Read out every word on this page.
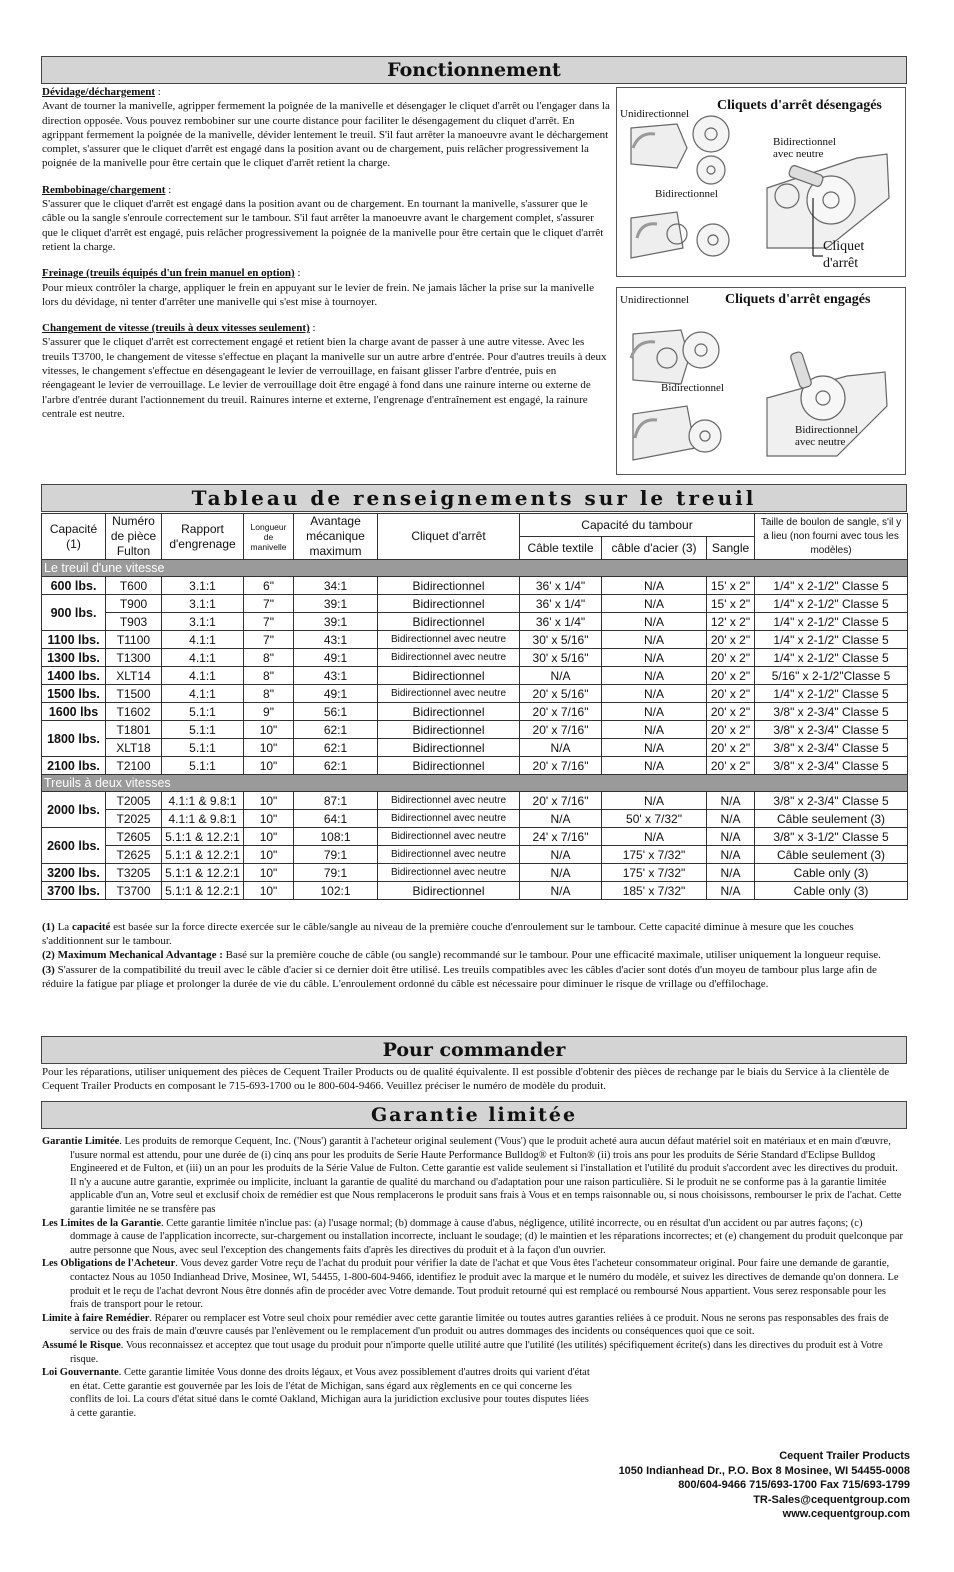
Fonctionnement

Dévidage/déchargement :
Avant de tourner la manivelle, agripper fermement la poignée de la manivelle et désengager le cliquet d'arrêt ou l'engager dans la direction opposée. Vous pouvez rembobiner sur une courte distance pour faciliter le désengagement du cliquet d'arrêt. En agrippant fermement la poignée de la manivelle, dévider lentement le treuil. S'il faut arrêter la manoeuvre avant le déchargement complet, s'assurer que le cliquet d'arrêt est engagé dans la position avant ou de chargement, puis relâcher progressivement la poignée de la manivelle pour être certain que le cliquet d'arrêt retient la charge.

Rembobinage/chargement :
S'assurer que le cliquet d'arrêt est engagé dans la position avant ou de chargement. En tournant la manivelle, s'assurer que le câble ou la sangle s'enroule correctement sur le tambour. S'il faut arrêter la manoeuvre avant le chargement complet, s'assurer que le cliquet d'arrêt est engagé, puis relâcher progressivement la poignée de la manivelle pour être certain que le cliquet d'arrêt retient la charge.

Freinage (treuils équipés d'un frein manuel en option) :
Pour mieux contrôler la charge, appliquer le frein en appuyant sur le levier de frein. Ne jamais lâcher la prise sur la manivelle lors du dévidage, ni tenter d'arrêter une manivelle qui s'est mise à tournoyer.

Changement de vitesse (treuils à deux vitesses seulement) :
S'assurer que le cliquet d'arrêt est correctement engagé et retient bien la charge avant de passer à une autre vitesse. Avec les treuils T3700, le changement de vitesse s'effectue en plaçant la manivelle sur un autre arbre d'entrée. Pour d'autres treuils à deux vitesses, le changement s'effectue en désengageant le levier de verrouillage, en faisant glisser l'arbre d'entrée, puis en réengageant le levier de verrouillage. Le levier de verrouillage doit être engagé à fond dans une rainure interne ou externe de l'arbre d'entrée durant l'actionnement du treuil. Rainures interne et externe, l'engrenage d'entraînement est engagé, la rainure centrale est neutre.

Unidirectionnel
Cliquets d'arrêt désengagés
Bidirectionnel
avec neutre
Bidirectionnel
Cliquet
d'arrêt
Unidirectionnel	Cliquets d'arrêt engagés
Bidirectionnel
Bidirectionnel
avec neutre
Tableau de renseignements sur le treuil
Capacité (1)	Numéro de pièce Fulton	Rapport d'engrenage	Longueur de manivelle	Avantage mécanique maximum	Cliquet d'arrêt	Capacité du tambour			Taille de boulon de sangle, s'il y a lieu (non fourni avec tous les modèles)
						Câble textile	câble d'acier (3)	Sangle	
Le treuil d'une vitesse									
600 lbs.	T600	3.1:1	6"	34:1	Bidirectionnel	36' x 1/4"	N/A	15' x 2"	1/4" x 2-1/2" Classe 5
900 lbs.	T900	3.1:1	7"	39:1	Bidirectionnel	36' x 1/4"	N/A	15' x 2"	1/4" x 2-1/2" Classe 5
	T903	3.1:1	7"	39:1	Bidirectionnel	36' x 1/4"	N/A	12' x 2"	1/4" x 2-1/2" Classe 5
1100 lbs.	T1100	4.1:1	7"	43:1	Bidirectionnel avec neutre	30' x 5/16"	N/A	20' x 2"	1/4" x 2-1/2" Classe 5
1300 lbs.	T1300	4.1:1	8"	49:1	Bidirectionnel avec neutre	30' x 5/16"	N/A	20' x 2"	1/4" x 2-1/2" Classe 5
1400 lbs.	XLT14	4.1:1	8"	43:1	Bidirectionnel	N/A	N/A	20' x 2"	5/16" x 2-1/2"Classe 5
1500 lbs.	T1500	4.1:1	8"	49:1	Bidirectionnel avec neutre	20' x 5/16"	N/A	20' x 2"	1/4" x 2-1/2" Classe 5
1600 lbs	T1602	5.1:1	9"	56:1	Bidirectionnel	20' x 7/16"	N/A	20' x 2"	3/8" x 2-3/4" Classe 5
1800 lbs.	T1801	5.1:1	10"	62:1	Bidirectionnel	20' x 7/16"	N/A	20' x 2"	3/8" x 2-3/4" Classe 5
	XLT18	5.1:1	10"	62:1	Bidirectionnel	N/A	N/A	20' x 2"	3/8" x 2-3/4" Classe 5
2100 lbs.	T2100	5.1:1	10"	62:1	Bidirectionnel	20' x 7/16"	N/A	20' x 2"	3/8" x 2-3/4" Classe 5
Treuils à deux vitesses									
2000 lbs.	T2005	4.1:1 & 9.8:1	10"	87:1	Bidirectionnel avec neutre	20' x 7/16"	N/A	N/A	3/8" x 2-3/4" Classe 5
	T2025	4.1:1 & 9.8:1	10"	64:1	Bidirectionnel avec neutre	N/A	50' x 7/32"	N/A	Câble seulement (3)
2600 lbs.	T2605	5.1:1 & 12.2:1	10"	108:1	Bidirectionnel avec neutre	24' x 7/16"	N/A	N/A	3/8" x 3-1/2" Classe 5
	T2625	5.1:1 & 12.2:1	10"	79:1	Bidirectionnel avec neutre	N/A	175' x 7/32"	N/A	Câble seulement (3)
3200 lbs.	T3205	5.1:1 & 12.2:1	10"	79:1	Bidirectionnel avec neutre	N/A	175' x 7/32"	N/A	Cable only (3)
3700 lbs.	T3700	5.1:1 & 12.2:1	10"	102:1	Bidirectionnel	N/A	185' x 7/32"	N/A	Cable only (3)

(1) La capacité est basée sur la force directe exercée sur le câble/sangle au niveau de la première couche d'enroulement sur le tambour. Cette capacité diminue à mesure que les couches s'additionnent sur le tambour.

(2) Maximum Mechanical Advantage : Basé sur la première couche de câble (ou sangle) recommandé sur le tambour. Pour une efficacité maximale, utiliser uniquement la longueur requise.

(3) S'assurer de la compatibilité du treuil avec le câble d'acier si ce dernier doit être utilisé. Les treuils compatibles avec les câbles d'acier sont dotés d'un moyeu de tambour plus large afin de réduire la fatigue par pliage et prolonger la durée de vie du câble. L'enroulement ordonné du câble est nécessaire pour diminuer le risque de vrillage ou d'effilochage.

Pour commander
Pour les réparations, utiliser uniquement des pièces de Cequent Trailer Products ou de qualité équivalente. Il est possible d'obtenir des pièces de rechange par le biais du Service à la clientèle de Cequent Trailer Products en composant le 715-693-1700 ou le 800-604-9466. Veuillez préciser le numéro de modèle du produit.
Garantie limitée

Garantie Limitée. Les produits de remorque Cequent, Inc. ('Nous') garantit à l'acheteur original seulement ('Vous') que le produit acheté aura aucun défaut matériel soit en matériaux et en main d'œuvre, l'usure normal est attendu, pour une durée de (i) cinq ans pour les produits de Serie Haute Performance Bulldog® et Fulton® (ii) trois ans pour les produits de Série Standard d'Eclipse Bulldog Engineered et de Fulton, et (iii) un an pour les produits de la Série Value de Fulton. Cette garantie est valide seulement si l'installation et l'utilité du produit s'accordent avec les directives du produit. Il n'y a aucune autre garantie, exprimée ou implicite, incluant la garantie de qualité du marchand ou d'adaptation pour une raison particulière. Si le produit ne se conforme pas à la garantie limitée applicable d'un an, Votre seul et exclusif choix de remédier est que Nous remplacerons le produit sans frais à Vous et en temps raisonnable ou, si nous choisissons, rembourser le prix de l'achat. Cette garantie limitée ne se transfère pas

Les Limites de la Garantie. Cette garantie limitée n'inclue pas: (a) l'usage normal; (b) dommage à cause d'abus, négligence, utilité incorrecte, ou en résultat d'un accident ou par autres façons; (c) dommage à cause de l'application incorrecte, sur-chargement ou installation incorrecte, incluant le soudage; (d) le maintien et les réparations incorrectes; et (e) changement du produit quelconque par autre personne que Nous, avec seul l'exception des changements faits d'après les directives du produit et à la façon d'un ouvrier.

Les Obligations de l'Acheteur. Vous devez garder Votre reçu de l'achat du produit pour vérifier la date de l'achat et que Vous êtes l'acheteur consommateur original. Pour faire une demande de garantie, contactez Nous au 1050 Indianhead Drive, Mosinee, WI, 54455, 1-800-604-9466, identifiez le produit avec la marque et le numéro du modèle, et suivez les directives de demande qu'on donnera. Le produit et le reçu de l'achat devront Nous être donnés afin de procéder avec Votre demande. Tout produit retourné qui est remplacé ou remboursé Nous appartient. Vous serez responsable pour les frais de transport pour le retour.

Limite à faire Remédier. Réparer ou remplacer est Votre seul choix pour remédier avec cette garantie limitée ou toutes autres garanties reliées à ce produit. Nous ne serons pas responsables des frais de service ou des frais de main d'œuvre causés par l'enlèvement ou le remplacement d'un produit ou autres dommages des incidents ou conséquences quoi que ce soit.

Assumé le Risque. Vous reconnaissez et acceptez que tout usage du produit pour n'importe quelle utilité autre que l'utilité (les utilités) spécifiquement écrite(s) dans les directives du produit est à Votre risque.

Loi Gouvernante. Cette garantie limitée Vous donne des droits légaux, et Vous avez possiblement d'autres droits qui varient d'état en état. Cette garantie est gouvernée par les lois de l'état de Michigan, sans égard aux règlements en ce qui concerne les conflits de loi. La cours d'état situé dans le comté Oakland, Michigan aura la juridiction exclusive pour toutes disputes liées à cette garantie.

Cequent Trailer Products
1050 Indianhead Dr., P.O. Box 8 Mosinee, WI 54455-0008
800/604-9466 715/693-1700 Fax 715/693-1799
TR-Sales@cequentgroup.com
www.cequentgroup.com
